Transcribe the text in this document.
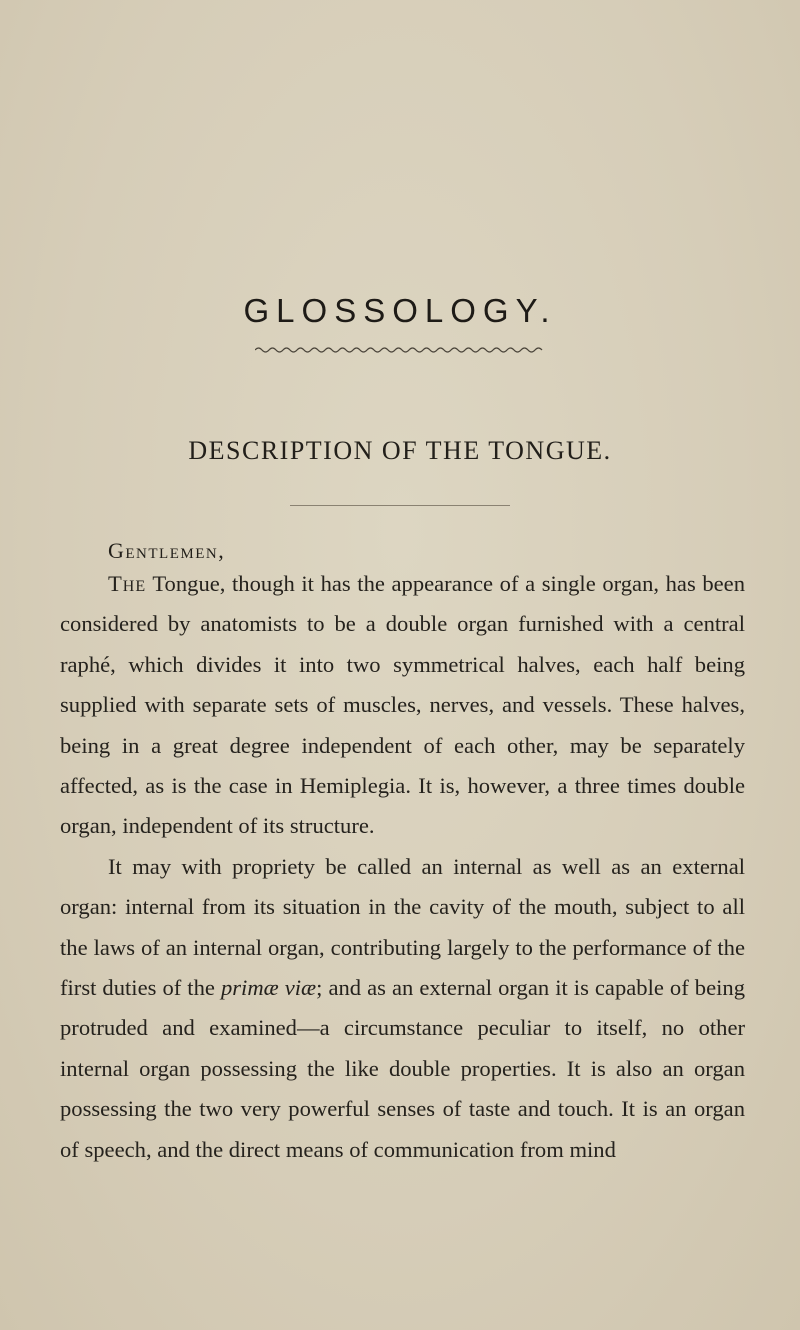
GLOSSOLOGY.
DESCRIPTION OF THE TONGUE.
Gentlemen,

The Tongue, though it has the appearance of a single organ, has been considered by anatomists to be a double organ furnished with a central raphé, which divides it into two symmetrical halves, each half being supplied with separate sets of muscles, nerves, and vessels. These halves, being in a great degree independent of each other, may be separately affected, as is the case in Hemiplegia. It is, however, a three times double organ, independent of its structure.

It may with propriety be called an internal as well as an external organ: internal from its situation in the cavity of the mouth, subject to all the laws of an internal organ, contributing largely to the performance of the first duties of the primæ viæ; and as an external organ it is capable of being protruded and examined—a circumstance peculiar to itself, no other internal organ possessing the like double properties. It is also an organ possessing the two very powerful senses of taste and touch. It is an organ of speech, and the direct means of communication from mind
